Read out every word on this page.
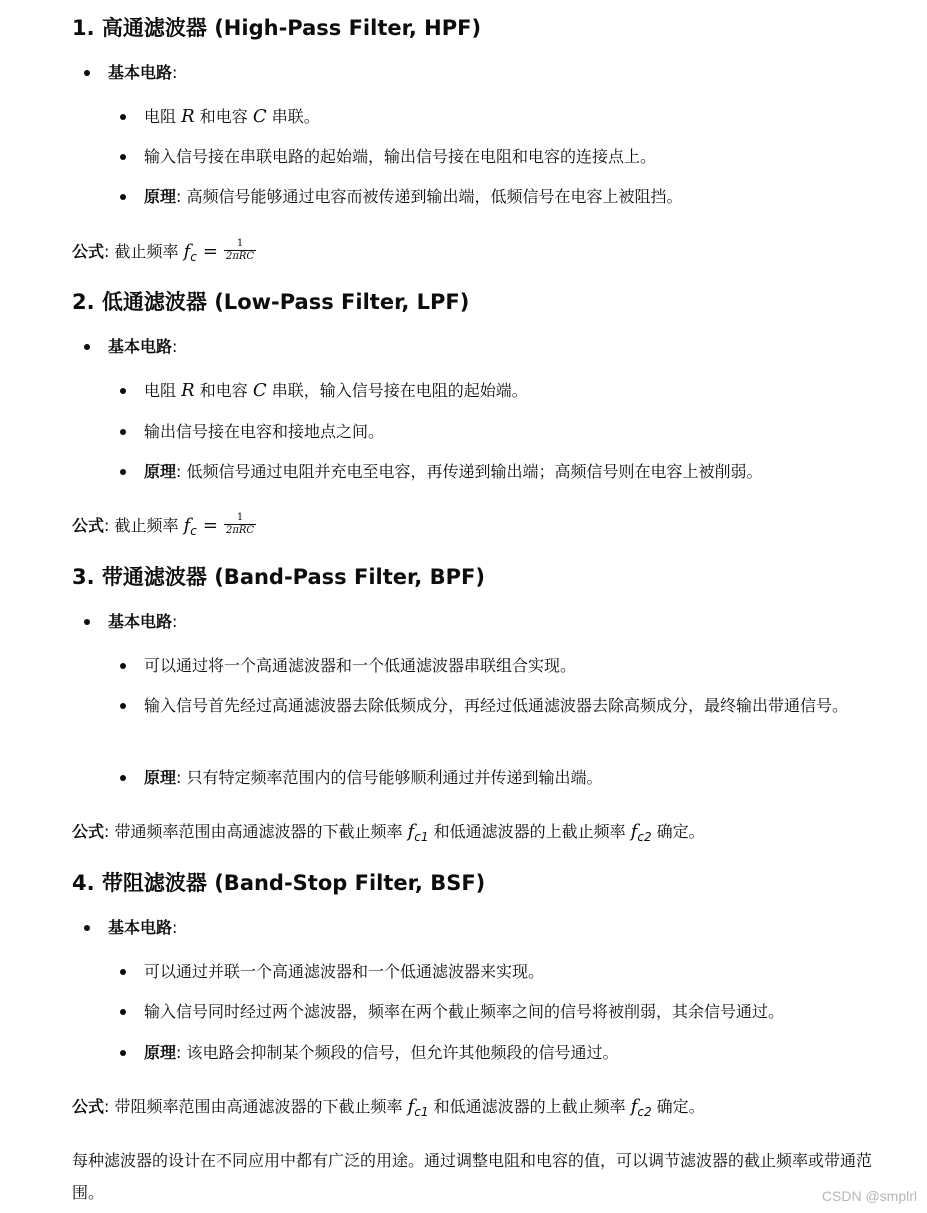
1. 高通滤波器 (High-Pass Filter, HPF)
基本电路:
电阻 R 和电容 C 串联。
输入信号接在串联电路的起始端，输出信号接在电阻和电容的连接点上。
原理: 高频信号能够通过电容而被传递到输出端，低频信号在电容上被阻挡。
公式: 截止频率 $f_c = \frac{1}{\text{2πRC}}$
2. 低通滤波器 (Low-Pass Filter, LPF)
基本电路:
电阻 R 和电容 C 串联，输入信号接在电阻的起始端。
输出信号接在电容和接地点之间。
原理: 低频信号通过电阻并充电至电容，再传递到输出端；高频信号则在电容上被削弱。
公式: 截止频率 $f_c = \frac{1}{\text{2πRC}}$
3. 带通滤波器 (Band-Pass Filter, BPF)
基本电路:
可以通过将一个高通滤波器和一个低通滤波器串联组合实现。
输入信号首先经过高通滤波器去除低频成分，再经过低通滤波器去除高频成分，最终输出带通信号。
原理: 只有特定频率范围内的信号能够顺利通过并传递到输出端。
公式: 带通频率范围由高通滤波器的下截止频率 $f_{c1}$ 和低通滤波器的上截止频率 $f_{c2}$ 确定。
4. 带阻滤波器 (Band-Stop Filter, BSF)
基本电路:
可以通过并联一个高通滤波器和一个低通滤波器来实现。
输入信号同时经过两个滤波器，频率在两个截止频率之间的信号将被削弱，其余信号通过。
原理: 该电路会抑制某个频段的信号，但允许其他频段的信号通过。
公式: 带阻频率范围由高通滤波器的下截止频率 $f_{c1}$ 和低通滤波器的上截止频率 $f_{c2}$ 确定。
每种滤波器的设计在不同应用中都有广泛的用途。通过调整电阻和电容的值，可以调节滤波器的截止频率或带通范围。	CSDN @smplrl
